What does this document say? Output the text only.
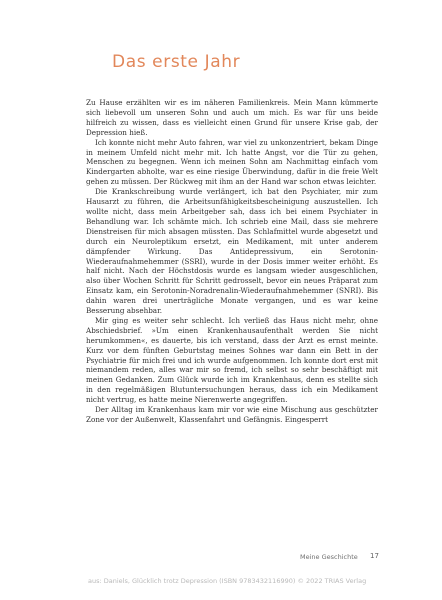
Das erste Jahr

Zu Hause erzählten wir es im näheren Familienkreis. Mein Mann kümmerte sich liebevoll um unseren Sohn und auch um mich. Es war für uns beide hilfreich zu wissen, dass es vielleicht einen Grund für unsere Krise gab, der Depression hieß.

Ich konnte nicht mehr Auto fahren, war viel zu unkonzentriert, bekam Dinge in meinem Umfeld nicht mehr mit. Ich hatte Angst, vor die Tür zu gehen, Menschen zu begegnen. Wenn ich meinen Sohn am Nachmittag einfach vom Kindergarten abholte, war es eine riesige Überwindung, dafür in die freie Welt gehen zu müssen. Der Rückweg mit ihm an der Hand war schon etwas leichter.

Die Krankschreibung wurde verlängert, ich bat den Psychiater, mir zum Hausarzt zu führen, die Arbeitsunfähigkeitsbescheinigung auszustellen. Ich wollte nicht, dass mein Arbeitgeber sah, dass ich bei einem Psychiater in Behandlung war. Ich schämte mich. Ich schrieb eine Mail, dass sie mehrere Dienstreisen für mich absagen müssten. Das Schlafmittel wurde abgesetzt und durch ein Neuroleptikum ersetzt, ein Medikament, mit unter anderem dämpfender Wirkung. Das Antidepressivum, ein Serotonin-Wiederaufnahmehemmer (SSRI), wurde in der Dosis immer weiter erhöht. Es half nicht. Nach der Höchstdosis wurde es langsam wieder ausgeschlichen, also über Wochen Schritt für Schritt gedrosselt, bevor ein neues Präparat zum Einsatz kam, ein Serotonin-Noradrenalin-Wiederaufnahmehemmer (SNRI). Bis dahin waren drei unerträgliche Monate vergangen, und es war keine Besserung absehbar.

Mir ging es weiter sehr schlecht. Ich verließ das Haus nicht mehr, ohne Abschiedsbrief. »Um einen Krankenhausaufenthalt werden Sie nicht herumkommen«, es dauerte, bis ich verstand, dass der Arzt es ernst meinte. Kurz vor dem fünften Geburtstag meines Sohnes war dann ein Bett in der Psychiatrie für mich frei und ich wurde aufgenommen. Ich konnte dort erst mit niemandem reden, alles war mir so fremd, ich selbst so sehr beschäftigt mit meinen Gedanken. Zum Glück wurde ich im Krankenhaus, denn es stellte sich in den regelmäßigen Blutuntersuchungen heraus, dass ich ein Medikament nicht vertrug, es hatte meine Nierenwerte angegriffen.

Der Alltag im Krankenhaus kam mir vor wie eine Mischung aus geschützter Zone vor der Außenwelt, Klassenfahrt und Gefängnis. Eingesperrt

Meine Geschichte 17
aus: Daniels, Glücklich trotz Depression (ISBN 9783432116990) © 2022 TRIAS Verlag
